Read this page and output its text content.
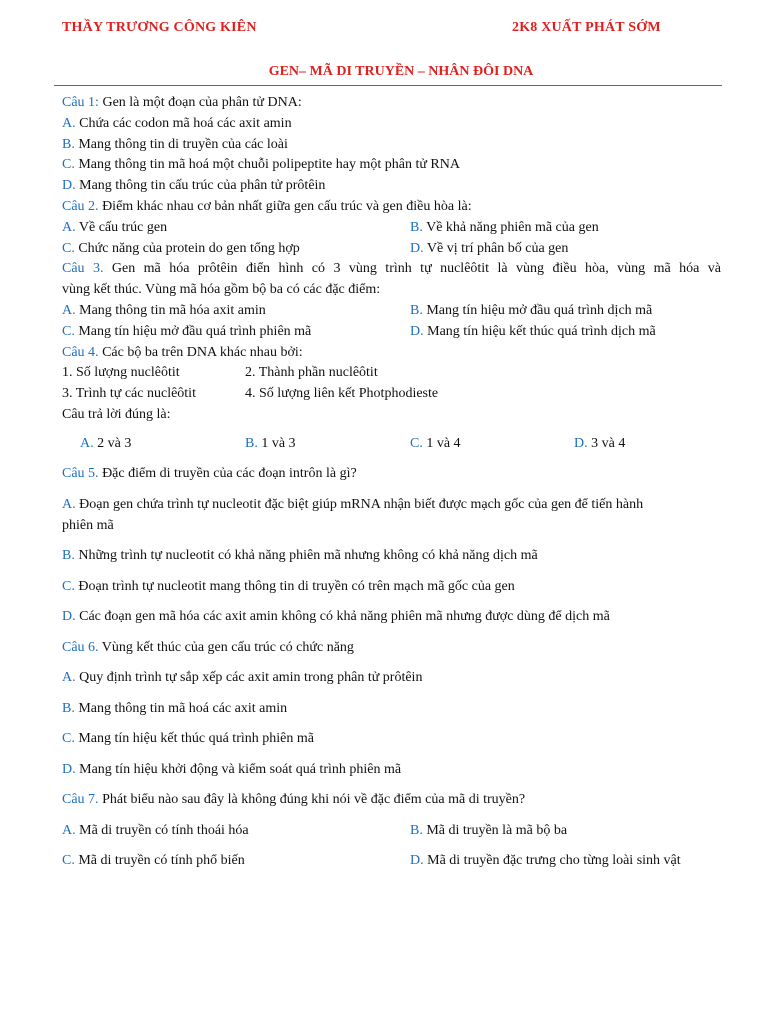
THẦY TRƯƠNG CÔNG KIÊN	2K8 XUẤT PHÁT SỚM
GEN– MÃ DI TRUYỀN – NHÂN ĐÔI DNA
Câu 1: Gen là một đoạn của phân tử DNA:
A. Chứa các codon mã hoá các axit amin
B. Mang thông tin di truyền của các loài
C. Mang thông tin mã hoá một chuỗi polipeptite hay một phân tử RNA
D. Mang thông tin cấu trúc của phân tử prôtêin
Câu 2. Điểm khác nhau cơ bản nhất giữa gen cấu trúc và gen điều hòa là:
A. Về cấu trúc gen	B. Về khả năng phiên mã của gen
C. Chức năng của protein do gen tổng hợp	D. Về vị trí phân bố của gen
Câu 3. Gen mã hóa prôtêin điển hình có 3 vùng trình tự nuclêôtit là vùng điều hòa, vùng mã hóa và
vùng kết thúc. Vùng mã hóa gồm bộ ba có các đặc điểm:
A. Mang thông tin mã hóa axit amin	B. Mang tín hiệu mở đầu quá trình dịch mã
C. Mang tín hiệu mở đầu quá trình phiên mã	D. Mang tín hiệu kết thúc quá trình dịch mã
Câu 4. Các bộ ba trên DNA khác nhau bởi:
1. Số lượng nuclêôtit	2. Thành phần nuclêôtit
3. Trình tự các nuclêôtit	4. Số lượng liên kết Photphodieste
Câu trả lời đúng là:
A. 2 và 3	B. 1 và 3	C. 1 và 4	D. 3 và 4
Câu 5. Đặc điểm di truyền của các đoạn intrôn là gì?
A. Đoạn gen chứa trình tự nucleotit đặc biệt giúp mRNA nhận biết được mạch gốc của gen để tiến hành
phiên mã
B. Những trình tự nucleotit có khả năng phiên mã nhưng không có khả năng dịch mã
C. Đoạn trình tự nucleotit mang thông tin di truyền có trên mạch mã gốc của gen
D. Các đoạn gen mã hóa các axit amin không có khả năng phiên mã nhưng được dùng để dịch mã
Câu 6. Vùng kết thúc của gen cấu trúc có chức năng
A. Quy định trình tự sắp xếp các axit amin trong phân tử prôtêin
B. Mang thông tin mã hoá các axit amin
C. Mang tín hiệu kết thúc quá trình phiên mã
D. Mang tín hiệu khởi động và kiểm soát quá trình phiên mã
Câu 7. Phát biểu nào sau đây là không đúng khi nói về đặc điểm của mã di truyền?
A. Mã di truyền có tính thoái hóa	B. Mã di truyền là mã bộ ba
C. Mã di truyền có tính phổ biến	D. Mã di truyền đặc trưng cho từng loài sinh vật
